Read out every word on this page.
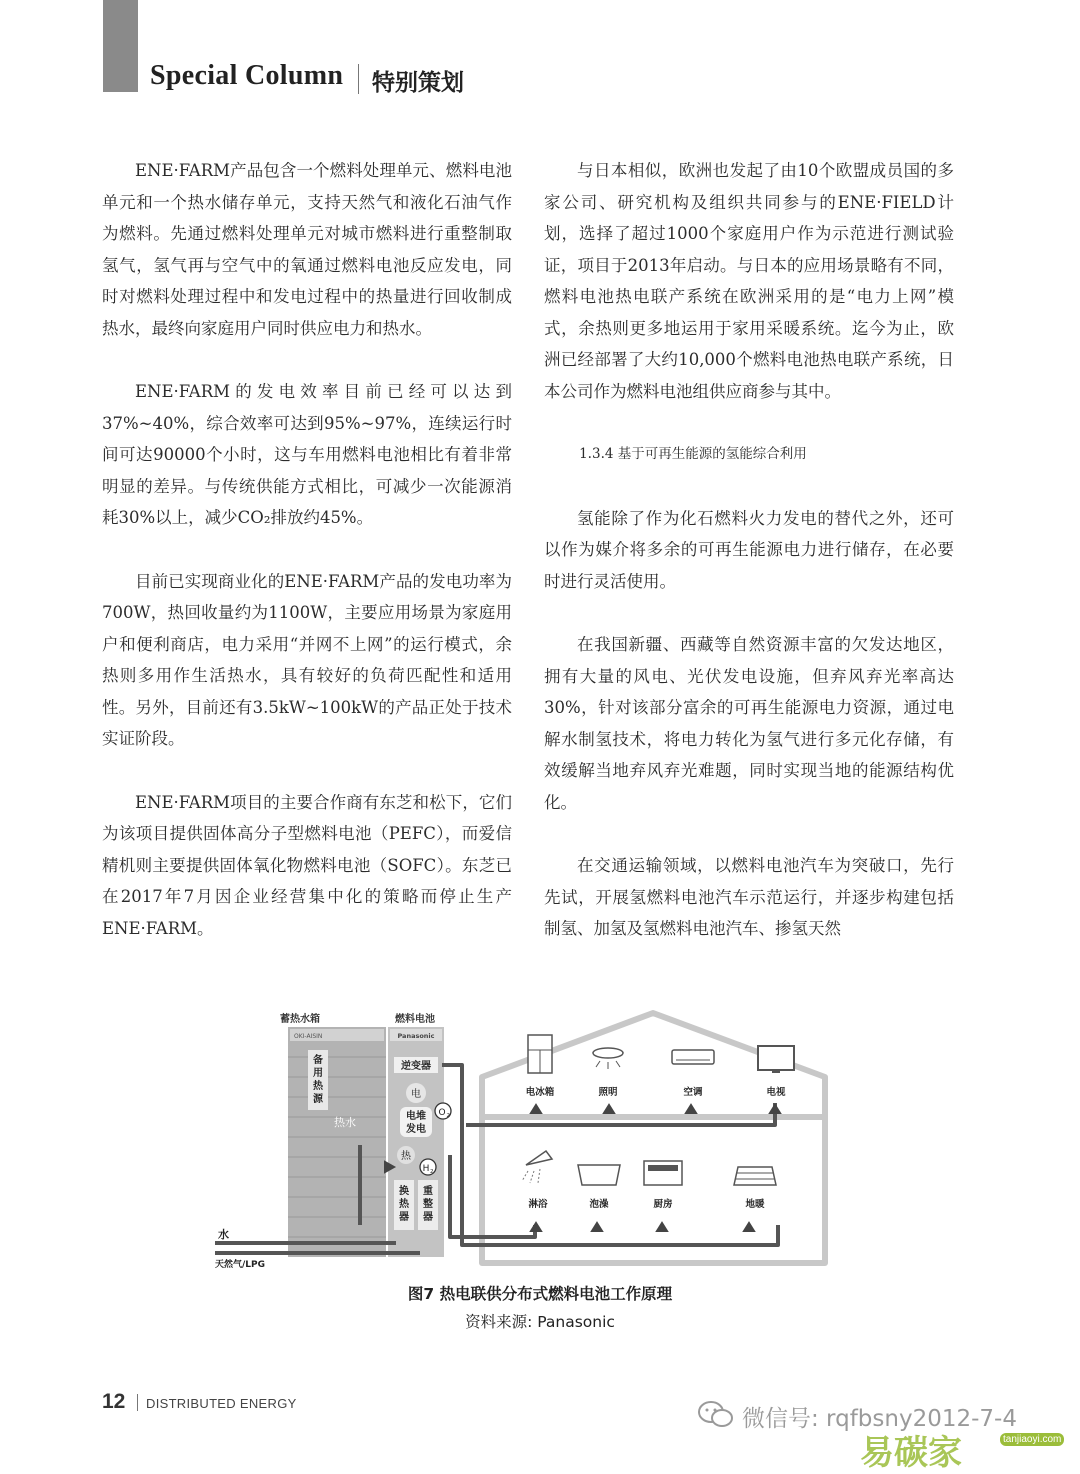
Special Column 特别策划

ENE·FARM产品包含一个燃料处理单元、燃料电池单元和一个热水储存单元，支持天然气和液化石油气作为燃料。先通过燃料处理单元对城市燃料进行重整制取氢气，氢气再与空气中的氧通过燃料电池反应发电，同时对燃料处理过程中和发电过程中的热量进行回收制成热水，最终向家庭用户同时供应电力和热水。

ENE·FARM的发电效率目前已经可以达到37%~40%，综合效率可达到95%~97%，连续运行时间可达90000个小时，这与车用燃料电池相比有着非常明显的差异。与传统供能方式相比，可减少一次能源消耗30%以上，减少CO₂排放约45%。

目前已实现商业化的ENE·FARM产品的发电功率为700W，热回收量约为1100W，主要应用场景为家庭用户和便利商店，电力采用“并网不上网”的运行模式，余热则多用作生活热水，具有较好的负荷匹配性和适用性。另外，目前还有3.5kW~100kW的产品正处于技术实证阶段。

ENE·FARM项目的主要合作商有东芝和松下，它们为该项目提供固体高分子型燃料电池（PEFC），而爱信精机则主要提供固体氧化物燃料电池（SOFC）。东芝已在2017年7月因企业经营集中化的策略而停止生产ENE·FARM。

与日本相似，欧洲也发起了由10个欧盟成员国的多家公司、研究机构及组织共同参与的ENE·FIELD计划，选择了超过1000个家庭用户作为示范进行测试验证，项目于2013年启动。与日本的应用场景略有不同，燃料电池热电联产系统在欧洲采用的是“电力上网”模式，余热则更多地运用于家用采暖系统。迄今为止，欧洲已经部署了大约10,000个燃料电池热电联产系统，日本公司作为燃料电池组供应商参与其中。

1.3.4 基于可再生能源的氢能综合利用

氢能除了作为化石燃料火力发电的替代之外，还可以作为媒介将多余的可再生能源电力进行储存，在必要时进行灵活使用。

在我国新疆、西藏等自然资源丰富的欠发达地区，拥有大量的风电、光伏发电设施，但弃风弃光率高达30%，针对该部分富余的可再生能源电力资源，通过电解水制氢技术，将电力转化为氢气进行多元化存储，有效缓解当地弃风弃光难题，同时实现当地的能源结构优化。

在交通运输领域，以燃料电池汽车为突破口，先行先试，开展氢燃料电池汽车示范运行，并逐步构建包括制氢、加氢及氢燃料电池汽车、掺氢天然

蓄热水箱	燃料电池
OKI-AISIN
备
用
热
源
热水
Panasonic
逆变器
电
电堆
发电
O 2
热
H 2
换
热
器
重
整
器
水
天然气/LPG
电冰箱	照明	空调	电视
淋浴	泡澡	厨房	地暖
图7 热电联供分布式燃料电池工作原理
资料来源: Panasonic
12 DISTRIBUTED ENERGY
微信号: rqfbsny2012-7-4
易碳家	tanjiaoyi.com
